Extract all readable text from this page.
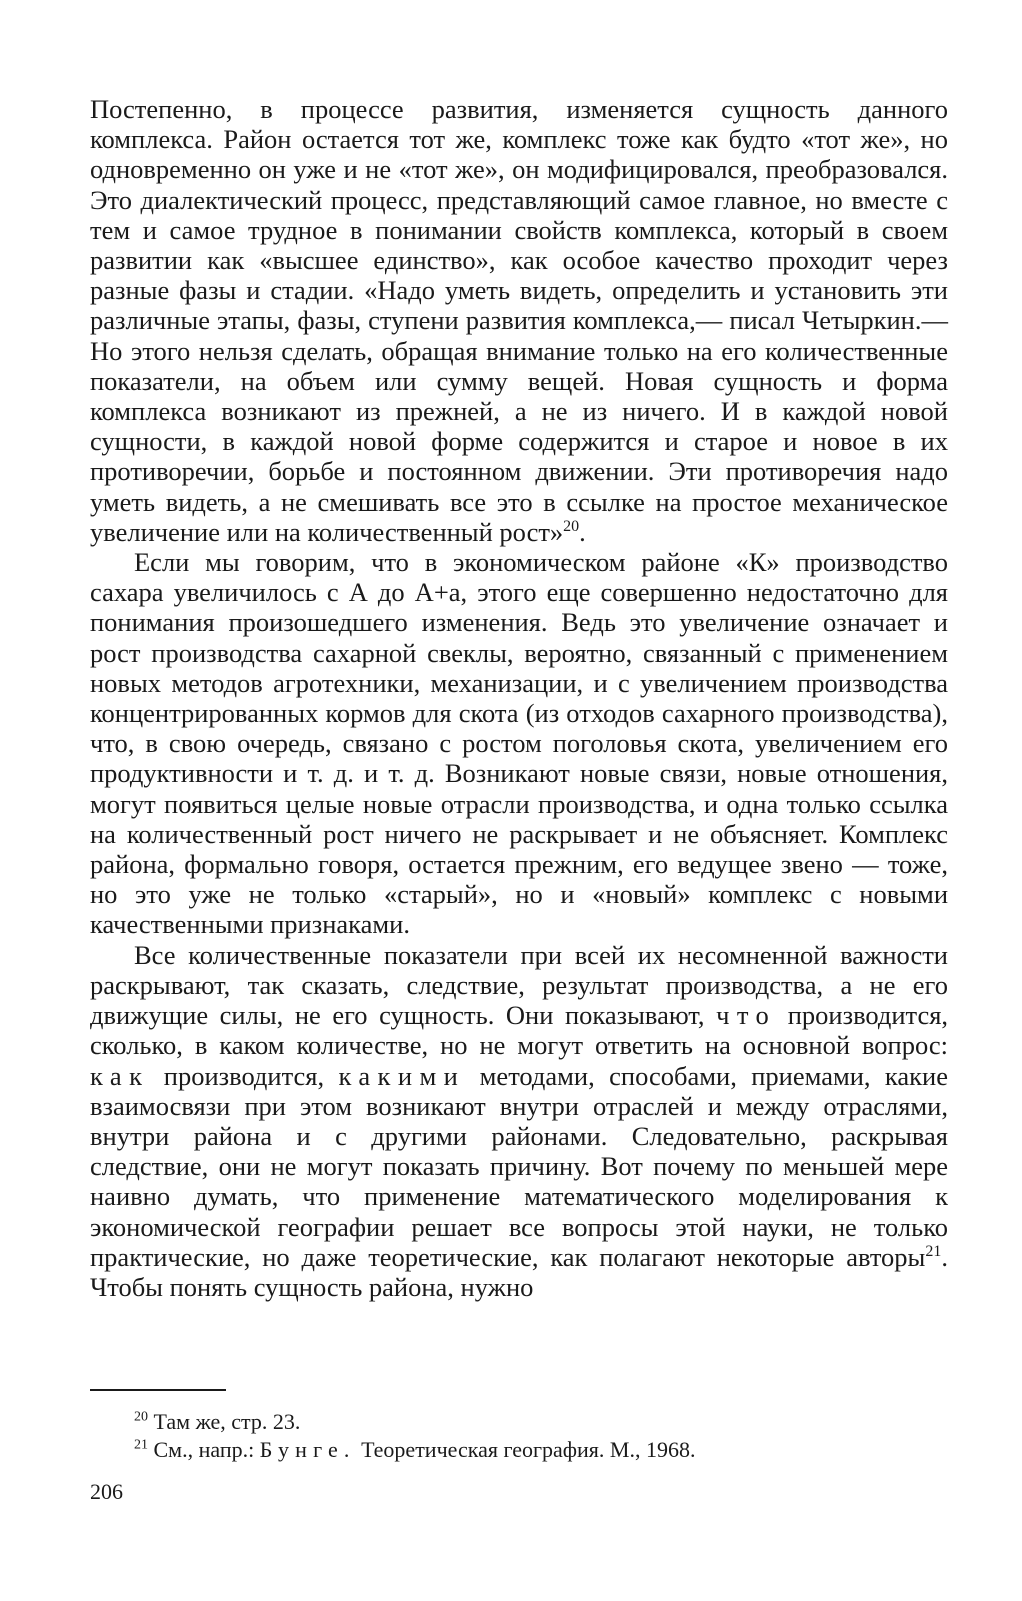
Постепенно, в процессе развития, изменяется сущность данного комплекса. Район остается тот же, комплекс тоже как будто «тот же», но одновременно он уже и не «тот же», он модифицировался, преобразовался. Это диалектический процесс, представляющий самое главное, но вместе с тем и самое трудное в понимании свойств комплекса, который в своем развитии как «высшее единство», как особое качество проходит через разные фазы и стадии. «Надо уметь видеть, определить и установить эти различные этапы, фазы, ступени развития комплекса,— писал Четыркин.— Но этого нельзя сделать, обращая внимание только на его количественные показатели, на объем или сумму вещей. Новая сущность и форма комплекса возникают из прежней, а не из ничего. И в каждой новой сущности, в каждой новой форме содержится и старое и новое в их противоречии, борьбе и постоянном движении. Эти противоречия надо уметь видеть, а не смешивать все это в ссылке на простое механическое увеличение или на количественный рост»$^{20}$.

Если мы говорим, что в экономическом районе «К» производство сахара увеличилось с А до А+а, этого еще совершенно недостаточно для понимания произошедшего изменения. Ведь это увеличение означает и рост производства сахарной свеклы, вероятно, связанный с применением новых методов агротехники, механизации, и с увеличением производства концентрированных кормов для скота (из отходов сахарного производства), что, в свою очередь, связано с ростом поголовья скота, увеличением его продуктивности и т. д. и т. д. Возникают новые связи, новые отношения, могут появиться целые новые отрасли производства, и одна только ссылка на количественный рост ничего не раскрывает и не объясняет. Комплекс района, формально говоря, остается прежним, его ведущее звено — тоже, но это уже не только «старый», но и «новый» комплекс с новыми качественными признаками.

Все количественные показатели при всей их несомненной важности раскрывают, так сказать, следствие, результат производства, а не его движущие силы, не его сущность. Они показывают, что производится, сколько, в каком количестве, но не могут ответить на основной вопрос: как производится, какими методами, способами, приемами, какие взаимосвязи при этом возникают внутри отраслей и между отраслями, внутри района и с другими районами. Следовательно, раскрывая следствие, они не могут показать причину. Вот почему по меньшей мере наивно думать, что применение математического моделирования к экономической географии решает все вопросы этой науки, не только практические, но даже теоретические, как полагают некоторые авторы$^{21}$. Чтобы понять сущность района, нужно

$^{20}$ Там же, стр. 23.

$^{21}$ См., напр.: Бунге. Теоретическая география. М., 1968.

206
